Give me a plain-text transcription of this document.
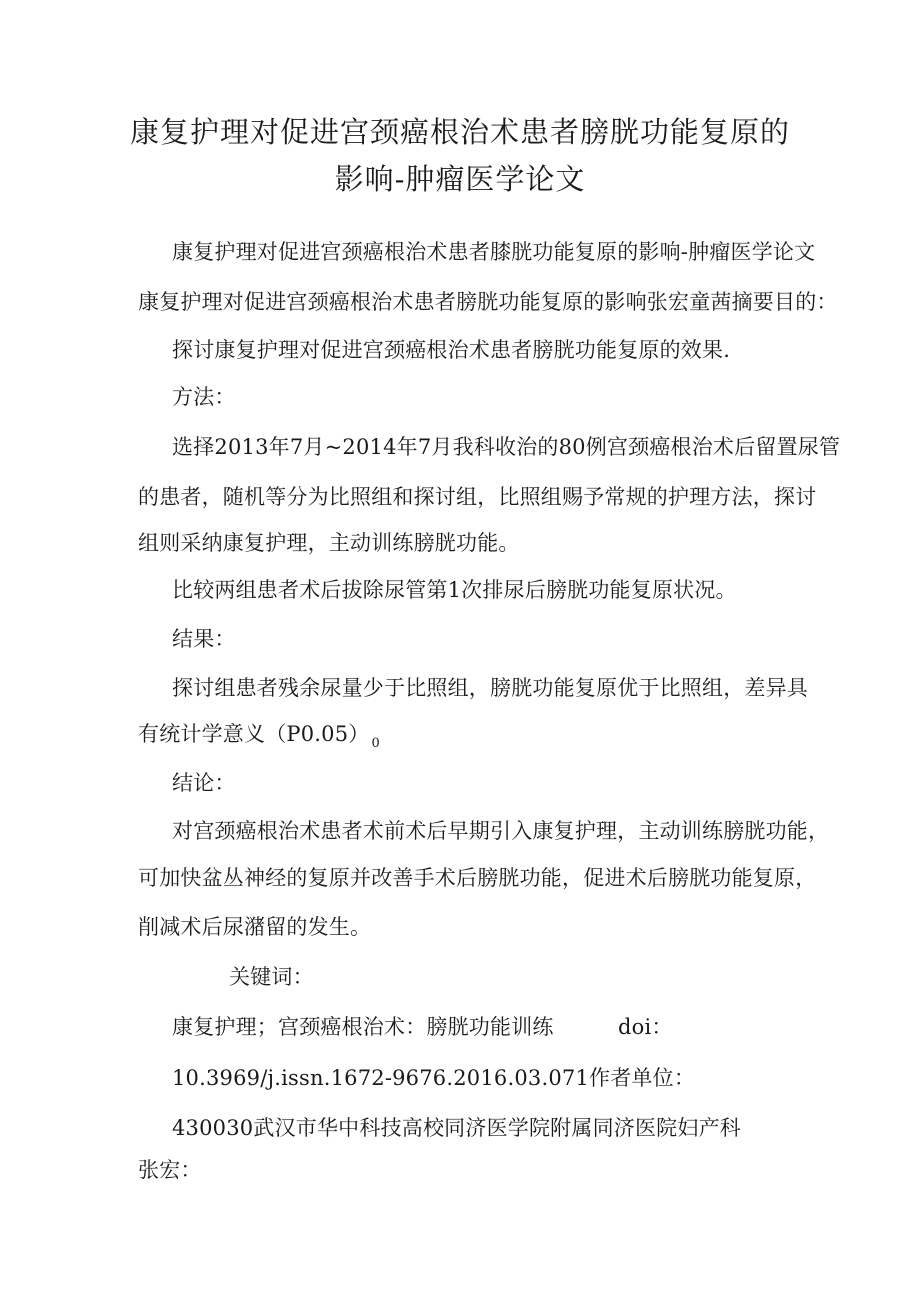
康复护理对促进宫颈癌根治术患者膀胱功能复原的
影响-肿瘤医学论文
康复护理对促进宫颈癌根治术患者膝胱功能复原的影响-肿瘤医学论文
康复护理对促进宫颈癌根治术患者膀胱功能复原的影响张宏童茜摘要目的：
探讨康复护理对促进宫颈癌根治术患者膀胱功能复原的效果.
方法：
选择2013年7月~2014年7月我科收治的80例宫颈癌根治术后留置尿管
的患者，随机等分为比照组和探讨组，比照组赐予常规的护理方法，探讨
组则采纳康复护理，主动训练膀胱功能。
比较两组患者术后拔除尿管第1次排尿后膀胱功能复原状况。
结果：
探讨组患者残余尿量少于比照组，膀胱功能复原优于比照组，差异具
有统计学意义（P0.05） $_0$
结论：
对宫颈癌根治术患者术前术后早期引入康复护理，主动训练膀胱功能，
可加快盆丛神经的复原并改善手术后膀胱功能，促进术后膀胱功能复原，
削减术后尿潴留的发生。
关键词：
康复护理；宫颈癌根治术：膀胱功能训练	doi：
10.3969/j.issn.1672-9676.2016.03.071作者单位：
430030武汉市华中科技高校同济医学院附属同济医院妇产科
张宏：
